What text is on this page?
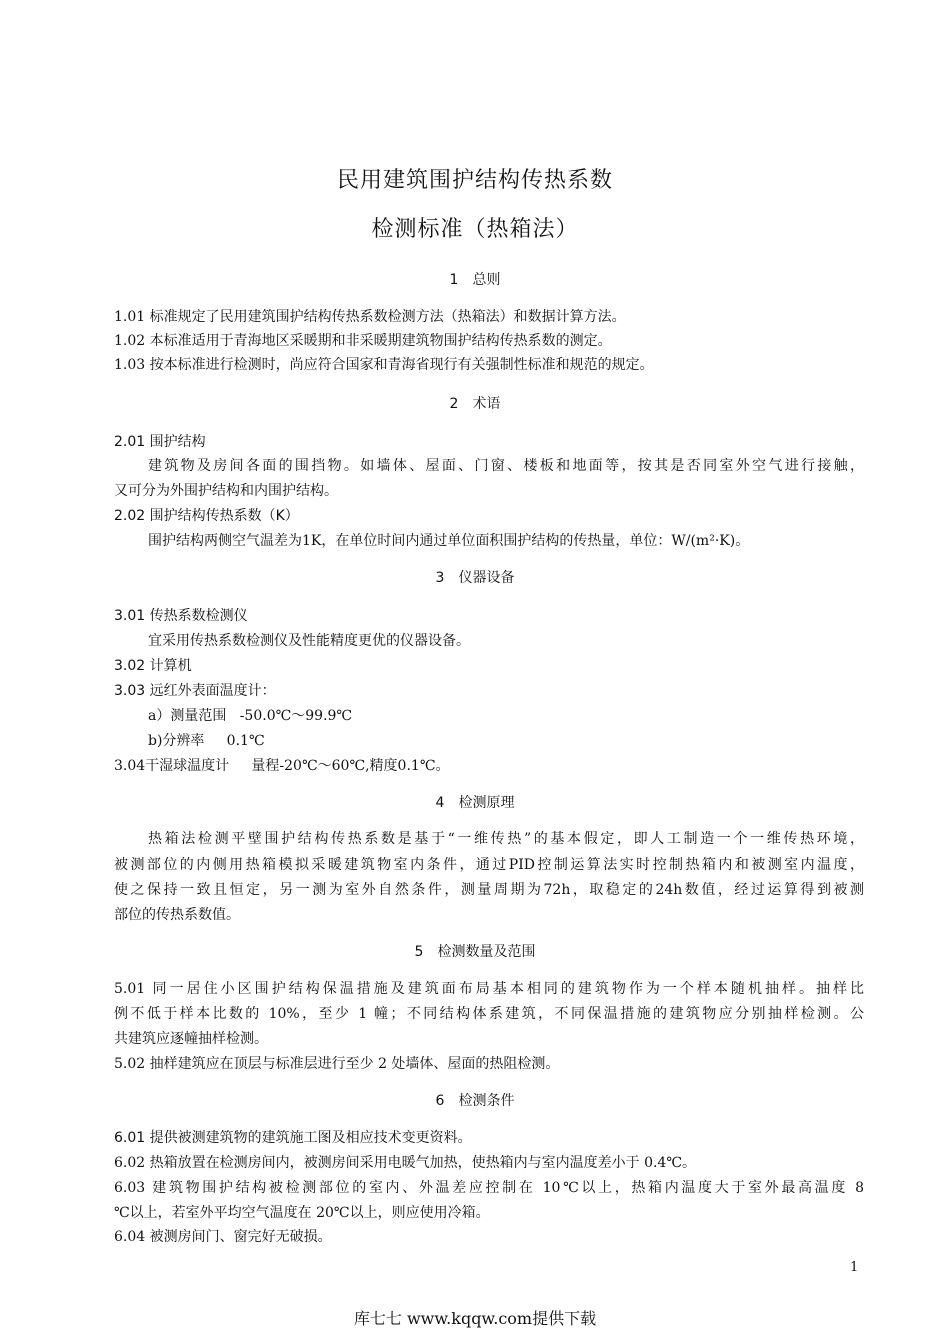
民用建筑围护结构传热系数
检测标准（热箱法）
1 总则
1.01 标准规定了民用建筑围护结构传热系数检测方法（热箱法）和数据计算方法。
1.02 本标准适用于青海地区采暖期和非采暖期建筑物围护结构传热系数的测定。
1.03 按本标准进行检测时，尚应符合国家和青海省现行有关强制性标准和规范的规定。
2 术语
2.01 围护结构
建筑物及房间各面的围挡物。如墙体、屋面、门窗、楼板和地面等，按其是否同室外空气进行接触，
又可分为外围护结构和内围护结构。
2.02 围护结构传热系数（K）
围护结构两侧空气温差为1K，在单位时间内通过单位面积围护结构的传热量，单位：W/(m²·K)。
3 仪器设备
3.01 传热系数检测仪
宜采用传热系数检测仪及性能精度更优的仪器设备。
3.02 计算机
3.03 远红外表面温度计：
a）测量范围   -50.0℃～99.9℃
b)分辨率     0.1℃
3.04干湿球温度计     量程-20℃～60℃,精度0.1℃。
4 检测原理
热箱法检测平壁围护结构传热系数是基于“一维传热”的基本假定，即人工制造一个一维传热环境，
被测部位的内侧用热箱模拟采暖建筑物室内条件，通过PID控制运算法实时控制热箱内和被测室内温度，
使之保持一致且恒定，另一测为室外自然条件，测量周期为72h，取稳定的24h数值，经过运算得到被测
部位的传热系数值。
5 检测数量及范围
5.01 同一居住小区围护结构保温措施及建筑面布局基本相同的建筑物作为一个样本随机抽样。抽样比
例不低于样本比数的 10%，至少 1 幢；不同结构体系建筑，不同保温措施的建筑物应分别抽样检测。公
共建筑应逐幢抽样检测。
5.02 抽样建筑应在顶层与标准层进行至少 2 处墙体、屋面的热阻检测。
6 检测条件
6.01 提供被测建筑物的建筑施工图及相应技术变更资料。
6.02 热箱放置在检测房间内，被测房间采用电暖气加热，使热箱内与室内温度差小于 0.4℃。
6.03 建筑物围护结构被检测部位的室内、外温差应控制在 10℃以上，热箱内温度大于室外最高温度 8
℃以上，若室外平均空气温度在 20℃以上，则应使用冷箱。
6.04 被测房间门、窗完好无破损。
1
库七七 www.kqqw.com提供下载
